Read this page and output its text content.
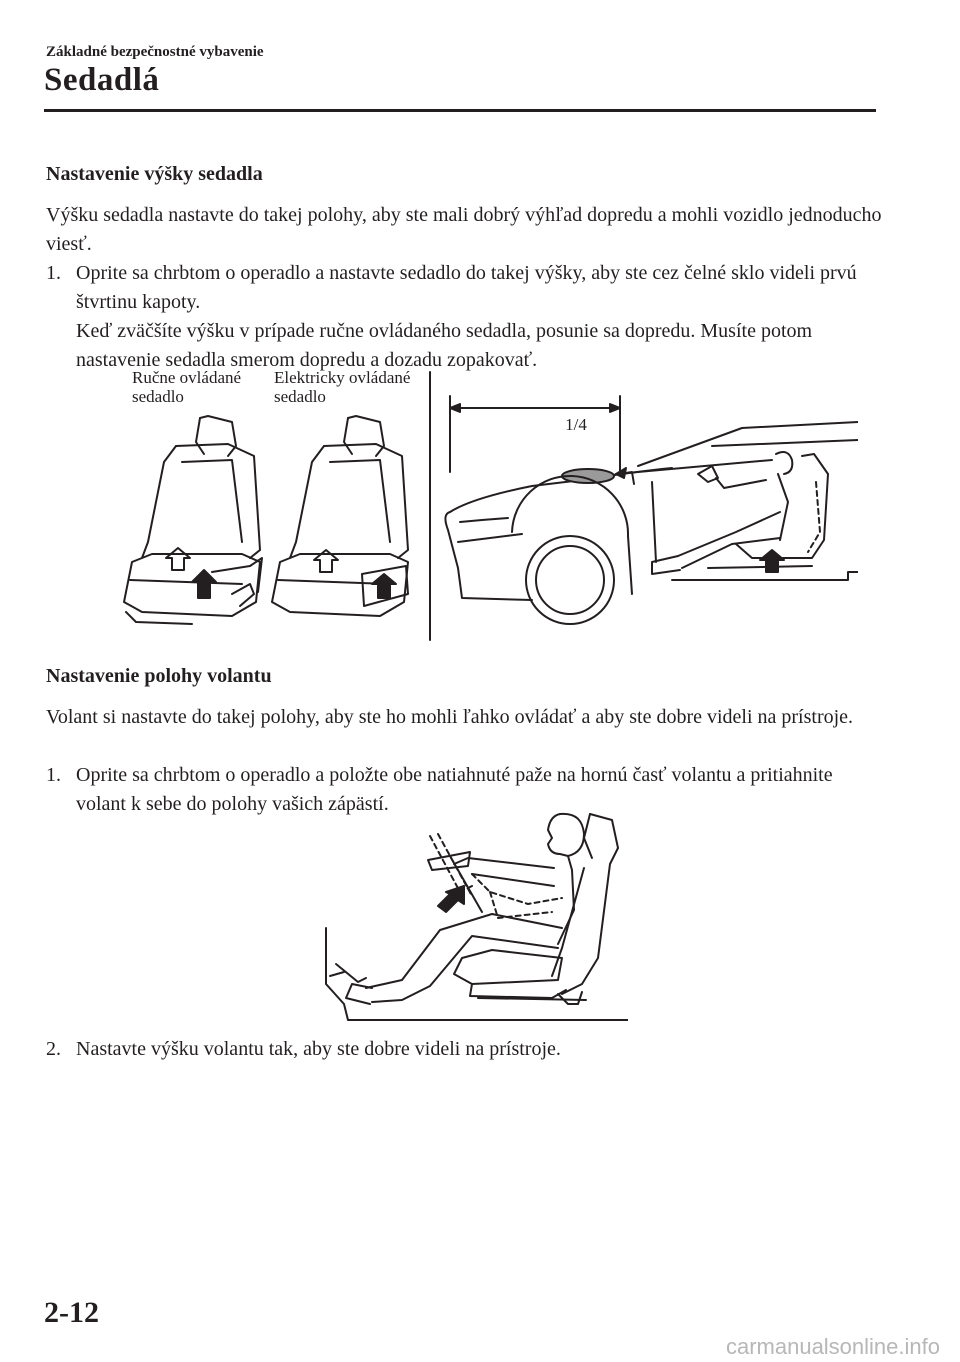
Základné bezpečnostné vybavenie
Sedadlá
Nastavenie výšky sedadla

Výšku sedadla nastavte do takej polohy, aby ste mali dobrý výhľad dopredu a mohli vozidlo jednoducho viesť.

1. Oprite sa chrbtom o operadlo a nastavte sedadlo do takej výšky, aby ste cez čelné sklo videli prvú štvrtinu kapoty.

Keď zväčšíte výšku v prípade ručne ovládaného sedadla, posunie sa dopredu. Musíte potom nastavenie sedadla smerom dopredu a dozadu zopakovať.

Ručne ovládané
sedadlo
Elektricky ovládané
sedadlo
1/4
Nastavenie polohy volantu

Volant si nastavte do takej polohy, aby ste ho mohli ľahko ovládať a aby ste dobre videli na prístroje.

1. Oprite sa chrbtom o operadlo a položte obe natiahnuté paže na hornú časť volantu a pritiahnite volant k sebe do polohy vašich zápästí.

2. Nastavte výšku volantu tak, aby ste dobre videli na prístroje.

2-12
carmanualsonline.info
